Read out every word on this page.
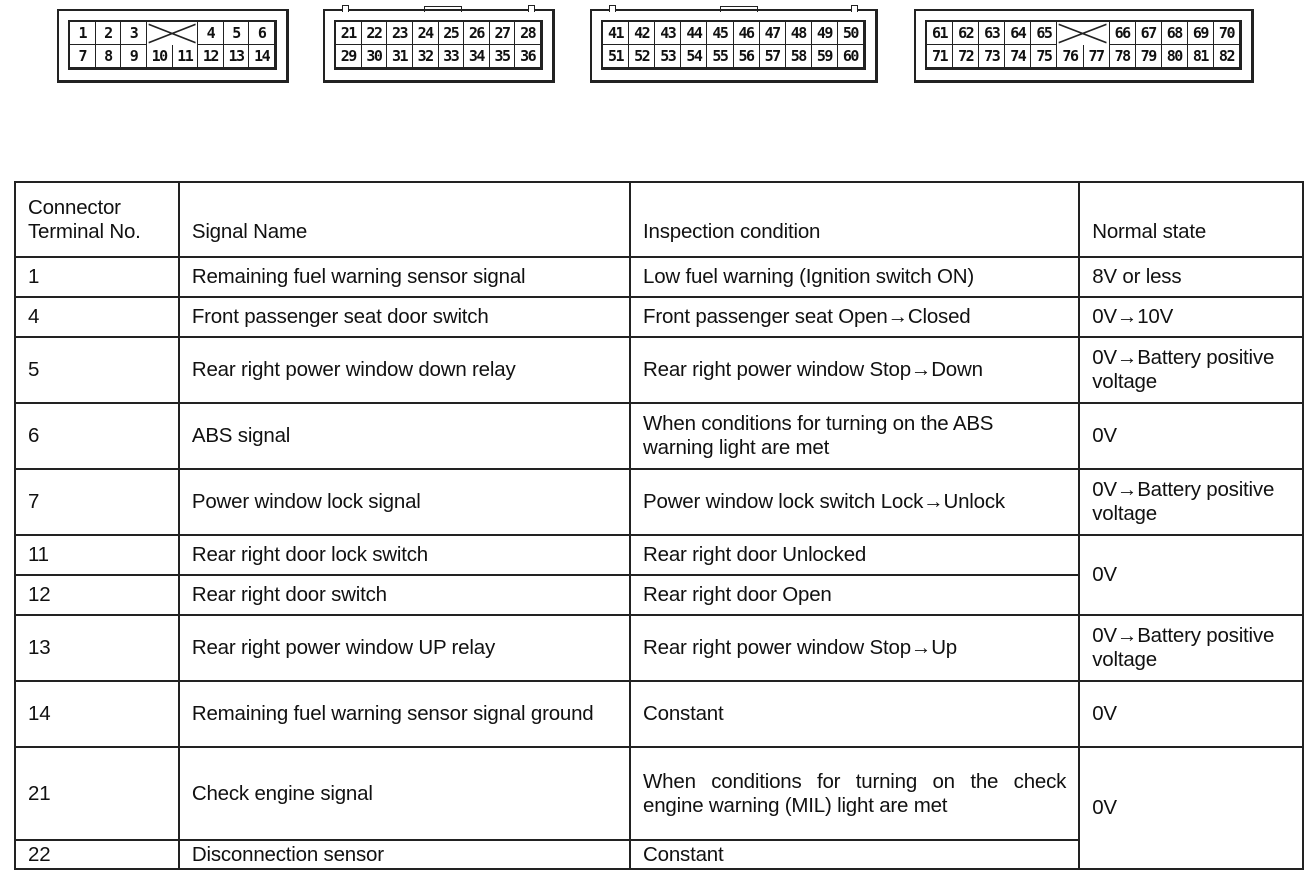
1	2	3	4	5	6
7	8	9 10 11 12 13 14
21 22 23 24 25 26 27 28
29 30 31 32 33 34 35 36
41 42 43 44 45 46 47 48 49 50
51 52 53 54 55 56 57 58 59 60
61 62 63 64 65	66 67 68 69 70
71 72 73 74 75 76 77 78 79 80 81 82
Connector Terminal No.	Signal Name	Inspection condition	Normal state
1	Remaining fuel warning sensor signal	Low fuel warning (Ignition switch ON)	8V or less
4	Front passenger seat door switch	Front passenger seat Open→Closed	0V→10V
5	Rear right power window down relay	Rear right power window Stop→Down	0V→Battery positive voltage
6	ABS signal	When conditions for turning on the ABS warning light are met	0V
7	Power window lock signal	Power window lock switch Lock→Unlock	0V→Battery positive voltage
11	Rear right door lock switch	Rear right door Unlocked	0V
12	Rear right door switch	Rear right door Open	
13	Rear right power window UP relay	Rear right power window Stop→Up	0V→Battery positive voltage
14	Remaining fuel warning sensor signal ground	Constant	0V
21	Check engine signal	When conditions for turning on the check engine warning (MIL) light are met	0V
22	Disconnection sensor	Constant	
